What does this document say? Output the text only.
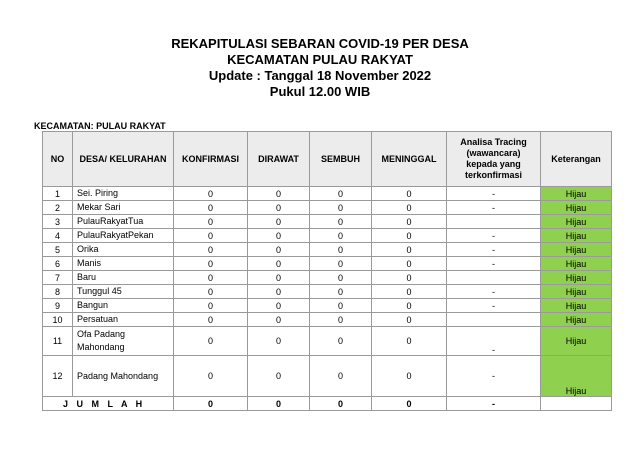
REKAPITULASI SEBARAN COVID-19 PER DESA
KECAMATAN PULAU RAKYAT
Update : Tanggal 18 November 2022
Pukul 12.00 WIB
KECAMATAN: PULAU RAKYAT
NO	DESA/ KELURAHAN	KONFIRMASI	DIRAWAT	SEMBUH	MENINGGAL	Analisa Tracing (wawancara) kepada yang terkonfirmasi	Keterangan
1	Sei. Piring	0	0	0	0	-	Hijau
2	Mekar Sari	0	0	0	0	-	Hijau
3	PulauRakyatTua	0	0	0	0		Hijau
4	PulauRakyatPekan	0	0	0	0	-	Hijau
5	Orika	0	0	0	0	-	Hijau
6	Manis	0	0	0	0	-	Hijau
7	Baru	0	0	0	0		Hijau
8	Tunggul 45	0	0	0	0	-	Hijau
9	Bangun	0	0	0	0	-	Hijau
10	Persatuan	0	0	0	0		Hijau
11	Ofa Padang Mahondang	0	0	0	0	-	Hijau
12	Padang Mahondang	0	0	0	0	-	Hijau
J U M L A H		0	0	0	0	-	
